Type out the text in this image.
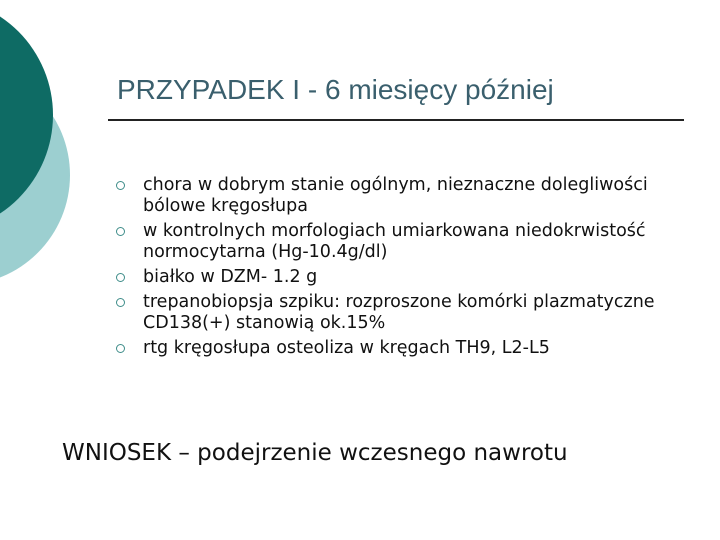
PRZYPADEK I - 6 miesięcy później
chora w dobrym stanie ogólnym, nieznaczne dolegliwości bólowe kręgosłupa
w kontrolnych morfologiach umiarkowana niedokrwistość normocytarna (Hg-10.4g/dl)
białko w DZM- 1.2 g
trepanobiopsja szpiku: rozproszone komórki plazmatyczne CD138(+) stanowią ok.15%
rtg kręgosłupa osteoliza w kręgach TH9, L2-L5
WNIOSEK – podejrzenie wczesnego nawrotu
